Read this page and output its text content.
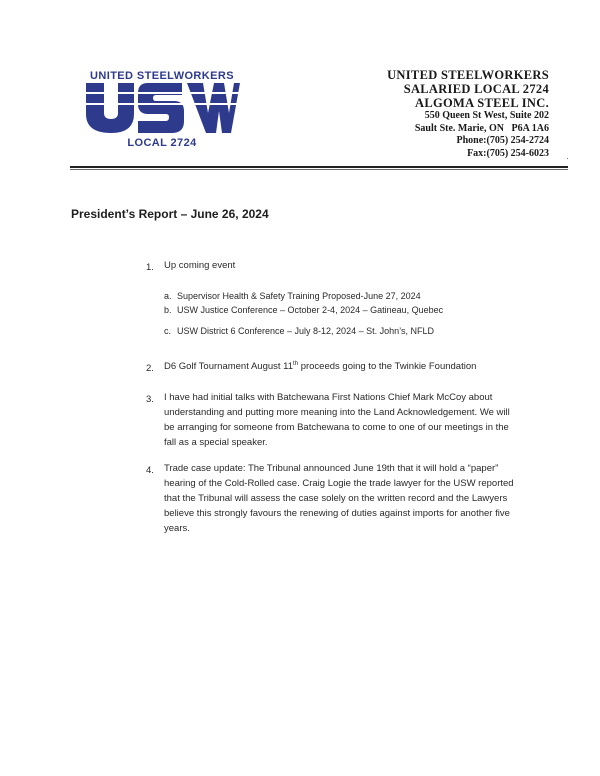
UNITED STEELWORKERS
LOCAL 2724
UNITED STEELWORKERS
SALARIED LOCAL 2724
ALGOMA STEEL INC.
550 Queen St West, Suite 202
Sault Ste. Marie, ON   P6A 1A6
Phone:(705) 254-2724
Fax:(705) 254-6023
President’s Report – June 26, 2024
1. Up coming event
a. Supervisor Health & Safety Training Proposed-June 27, 2024
b. USW Justice Conference – October 2-4, 2024 – Gatineau, Quebec
c. USW District 6 Conference – July 8-12, 2024 – St. John’s, NFLD
2. D6 Golf Tournament August 11th proceeds going to the Twinkie Foundation
3. I have had initial talks with Batchewana First Nations Chief Mark McCoy about
understanding and putting more meaning into the Land Acknowledgement. We will
be arranging for someone from Batchewana to come to one of our meetings in the
fall as a special speaker.
4. Trade case update: The Tribunal announced June 19th that it will hold a “paper”
hearing of the Cold-Rolled case. Craig Logie the trade lawyer for the USW reported
that the Tribunal will assess the case solely on the written record and the Lawyers
believe this strongly favours the renewing of duties against imports for another five
years.
